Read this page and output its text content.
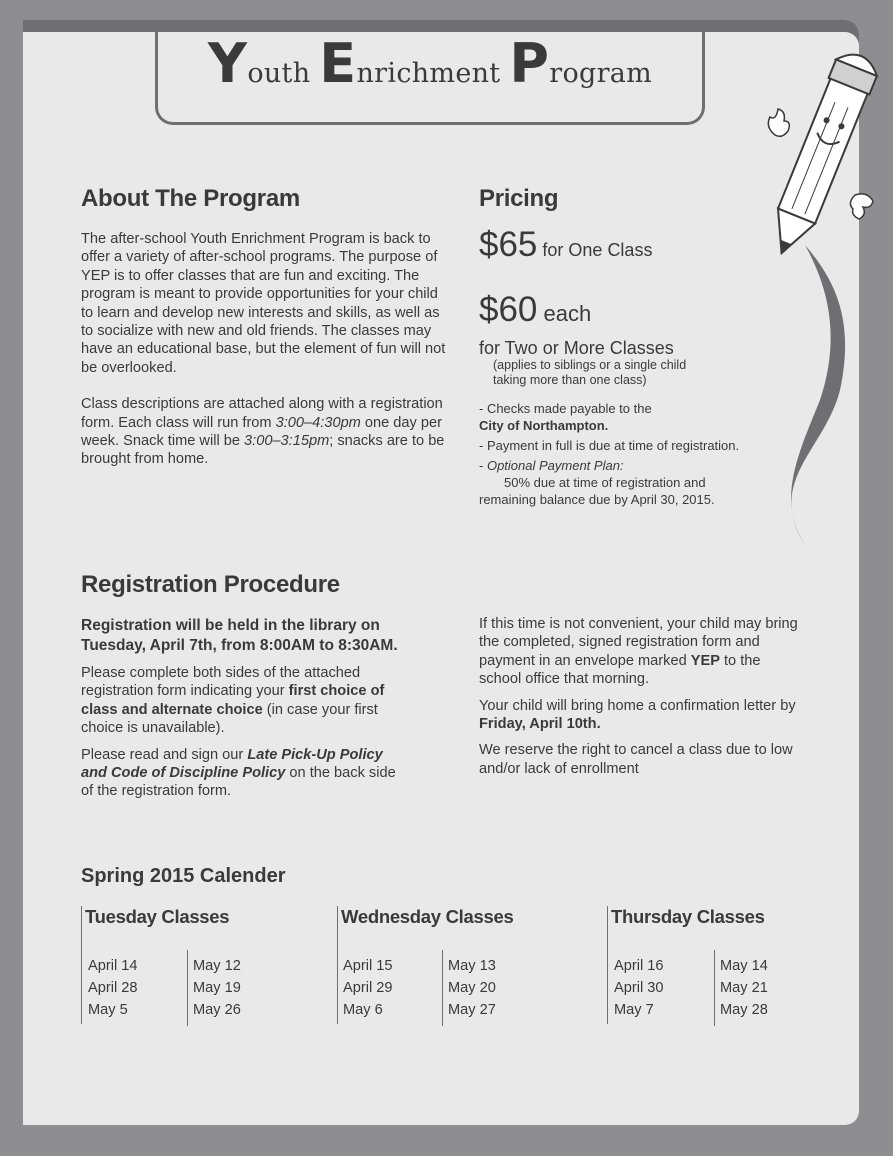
Youth Enrichment Program
About The Program

The after-school Youth Enrichment Program is back to offer a variety of after-school programs. The purpose of YEP is to offer classes that are fun and exciting. The program is meant to provide opportunities for your child to learn and develop new interests and skills, as well as to socialize with new and old friends. The classes may have an educational base, but the element of fun will not be overlooked.

Class descriptions are attached along with a registration form. Each class will run from 3:00–4:30pm one day per week. Snack time will be 3:00–3:15pm; snacks are to be brought from home.

Pricing
$65 for One Class
$60 each
for Two or More Classes
(applies to siblings or a single child taking more than one class)

- Checks made payable to the
City of Northampton.

- Payment in full is due at time of registration.

- Optional Payment Plan:
50% due at time of registration and remaining balance due by April 30, 2015.

Registration Procedure

Registration will be held in the library on Tuesday, April 7th, from 8:00AM to 8:30AM.

Please complete both sides of the attached registration form indicating your first choice of class and alternate choice (in case your first choice is unavailable).

Please read and sign our Late Pick-Up Policy and Code of Discipline Policy on the back side of the registration form.

If this time is not convenient, your child may bring the completed, signed registration form and payment in an envelope marked YEP to the school office that morning.

Your child will bring home a confirmation letter by Friday, April 10th.

We reserve the right to cancel a class due to low and/or lack of enrollment

Spring 2015 Calender
Tuesday Classes
April 14
April 28
May 5
May 12
May 19
May 26
Wednesday Classes
April 15
April 29
May 6
May 13
May 20
May 27
Thursday Classes
April 16
April 30
May 7
May 14
May 21
May 28
